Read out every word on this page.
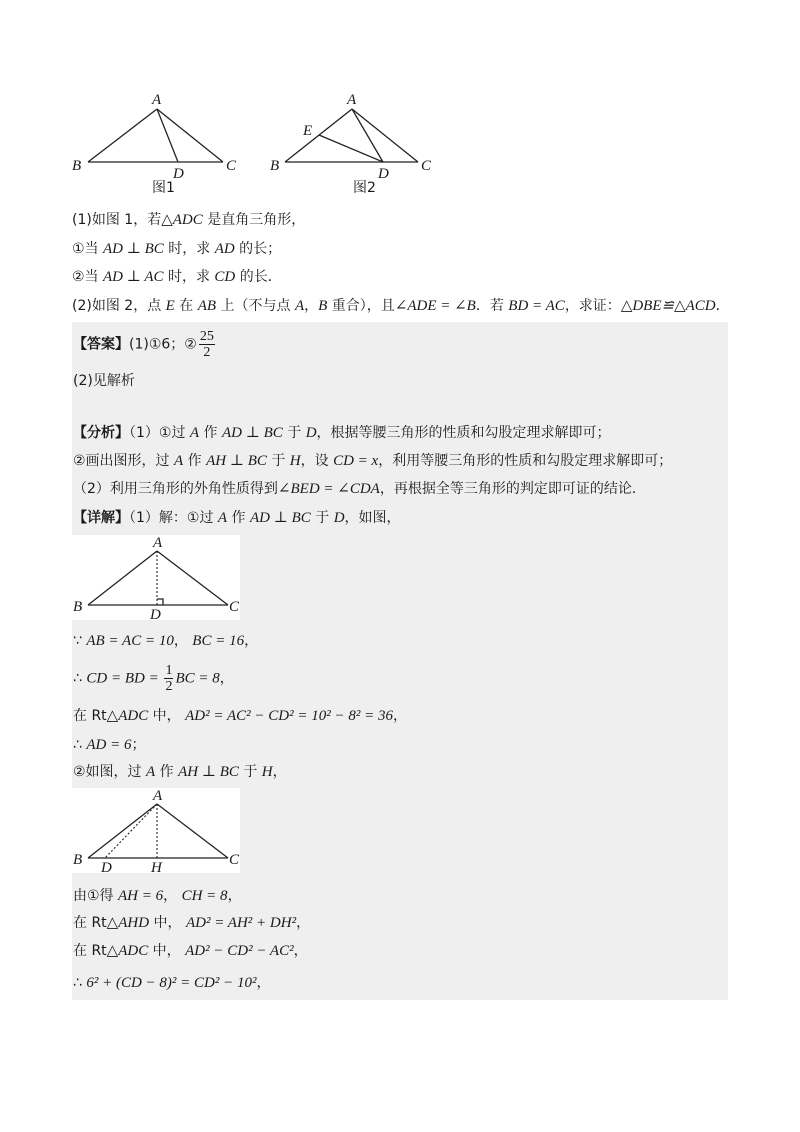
A
B	C
D
图1
A
B	C
D
E
图2
(1)如图 1，若△ADC 是直角三角形，
①当 AD ⊥ BC 时，求 AD 的长；
②当 AD ⊥ AC 时，求 CD 的长．
(2)如图 2，点 E 在 AB 上（不与点 A，B 重合），且∠ADE = ∠B．若 BD = AC，求证：△DBE≌△ACD．
【答案】(1)①6；② $\frac{25}{2}$
(2)见解析
【分析】（1）①过 A 作 AD ⊥ BC 于 D，根据等腰三角形的性质和勾股定理求解即可；
②画出图形，过 A 作 AH ⊥ BC 于 H，设 CD = x，利用等腰三角形的性质和勾股定理求解即可；
（2）利用三角形的外角性质得到∠BED = ∠CDA，再根据全等三角形的判定即可证的结论．
【详解】（1）解：①过 A 作 AD ⊥ BC 于 D，如图，
A
B	C
D
∵ AB = AC = 10， BC = 16，
∴ CD = BD = $\frac{1}{2}$ BC = 8，
在 Rt△ADC 中， AD² = AC² − CD² = 10² − 8² = 36，
∴ AD = 6；
②如图，过 A 作 AH ⊥ BC 于 H，
A
B	C
D	H
由①得 AH = 6， CH = 8，
在 Rt△AHD 中， AD² = AH² + DH²，
在 Rt△ADC 中， AD² − CD² − AC²，
∴ 6² + (CD − 8)² = CD² − 10²，
